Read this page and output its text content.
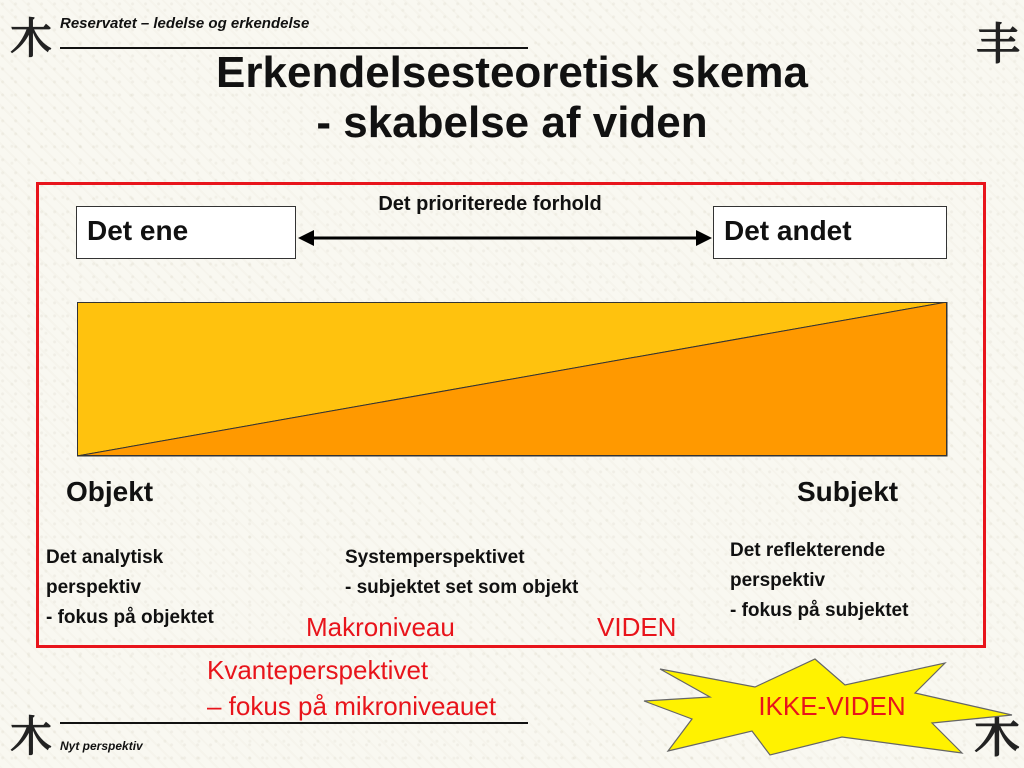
木	丰
木	木
Reservatet – ledelse og erkendelse
Erkendelsesteoretisk skema
- skabelse af viden
Det ene	Det andet
Det prioriterede forhold
Objekt	Subjekt
Det analytisk
perspektiv
- fokus på objektet
Systemperspektivet
- subjektet set som objekt
Det reflekterende
perspektiv
- fokus på subjektet
Makroniveau	VIDEN
Kvanteperspektivet
– fokus på mikroniveauet	IKKE-VIDEN
Nyt perspektiv
